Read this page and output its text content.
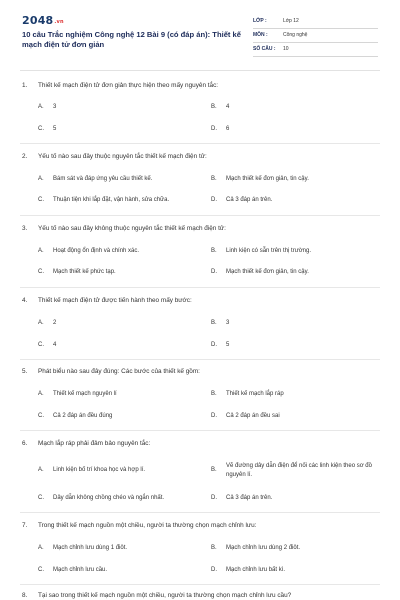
$2048^{.vn}$
10 câu Trắc nghiệm Công nghệ 12 Bài 9 (có đáp án): Thiết kế mạch điện tử đơn giản
LỚP :	Lớp 12
MÔN :	Công nghệ
SỐ CÂU : 10
1. Thiết kế mạch điện tử đơn giản thực hiện theo mấy nguyên tắc:
A.	3	B.	4
C.	5	D.	6
2. Yếu tố nào sau đây thuộc nguyên tắc thiết kế mạch điện tử:
A.	Bám sát và đáp ứng yêu cầu thiết kế.	B.	Mạch thiết kế đơn giản, tin cậy.
C.	Thuận tiện khi lắp đặt, vận hành, sửa chữa.	D.	Cả 3 đáp án trên.
3. Yếu tố nào sau đây không thuộc nguyên tắc thiết kế mạch điện tử:
A.	Hoạt động ổn định và chính xác.	B.	Linh kiện có sẵn trên thị trường.
C.	Mạch thiết kế phức tạp.	D.	Mạch thiết kế đơn giản, tin cậy.
4. Thiết kế mạch điện tử được tiến hành theo mấy bước:
A.	2	B.	3
C.	4	D.	5
5. Phát biểu nào sau đây đúng: Các bước của thiết kế gồm:
A.	Thiết kế mạch nguyên lí	B.	Thiết kế mạch lắp ráp
C.	Cả 2 đáp án đều đúng	D.	Cả 2 đáp án đều sai
6. Mạch lắp ráp phải đảm bảo nguyên tắc:
A.	Linh kiện bố trí khoa học và hợp lí.	B.
Vẽ đường dây dẫn điện để nối các linh kiện theo sơ đồ nguyên lí.
C.	Dây dẫn không chồng chéo và ngắn nhất.	D.	Cả 3 đáp án trên.
7. Trong thiết kế mạch nguồn một chiều, người ta thường chọn mạch chỉnh lưu:
A.	Mạch chỉnh lưu dùng 1 điôt.	B.	Mạch chỉnh lưu dùng 2 điôt.
C.	Mạch chỉnh lưu cầu.	D.	Mạch chỉnh lưu bất kì.
8. Tại sao trong thiết kế mạch nguồn một chiều, người ta thường chọn mạch chỉnh lưu cầu?
